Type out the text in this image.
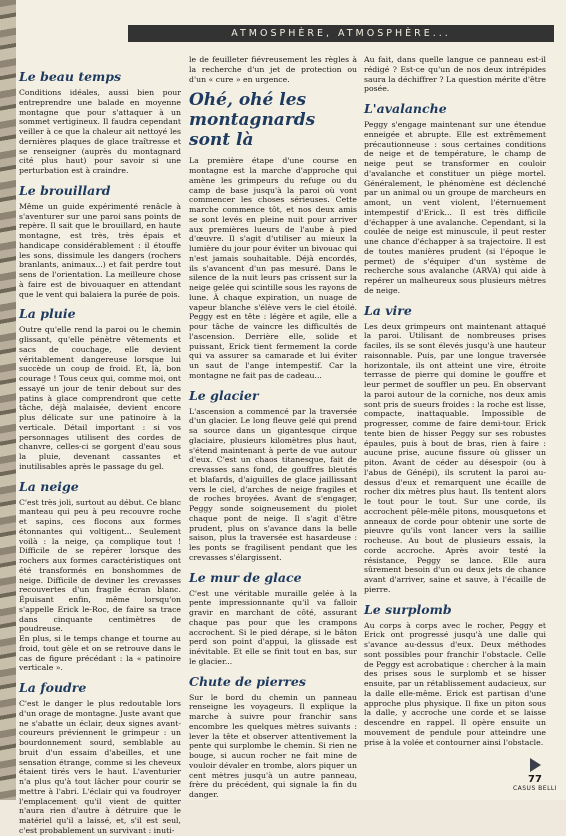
ATMOSPHÈRE, ATMOSPHÈRE...
Le beau temps

Conditions idéales, aussi bien pour entreprendre une balade en moyenne montagne que pour s'attaquer à un sommet vertigineux. Il faudra cependant veiller à ce que la chaleur ait nettoyé les dernières plaques de glace traîtresse et se renseigner (auprès du montagnard cité plus haut) pour savoir si une perturbation est à craindre.

Le brouillard

Même un guide expérimenté renâcle à s'aventurer sur une paroi sans points de repère. Il sait que le brouillard, en haute montagne, est très, très épais et handicape considérablement : il étouffe les sons, dissimule les dangers (rochers branlants, animaux...) et fait perdre tout sens de l'orientation. La meilleure chose à faire est de bivouaquer en attendant que le vent qui balaiera la purée de pois.

La pluie

Outre qu'elle rend la paroi ou le chemin glissant, qu'elle pénètre vêtements et sacs de couchage, elle devient véritablement dangereuse lorsque lui succède un coup de froid. Et, là, bon courage ! Tous ceux qui, comme moi, ont essayé un jour de tenir debout sur des patins à glace comprendront que cette tâche, déjà malaisée, devient encore plus délicate sur une patinoire à la verticale. Détail important : si vos personnages utilisent des cordes de chanvre, celles-ci se gorgent d'eau sous la pluie, devenant cassantes et inutilisables après le passage du gel.

La neige

C'est très joli, surtout au début. Ce blanc manteau qui peu à peu recouvre roche et sapins, ces flocons aux formes étonnantes qui voltigent... Seulement voilà : la neige, ça complique tout ! Difficile de se repérer lorsque des rochers aux formes caractéristiques ont été transformés en bonshommes de neige. Difficile de deviner les crevasses recouvertes d'un fragile écran blanc. Épuisant enfin, même lorsqu'on s'appelle Erick le-Roc, de faire sa trace dans cinquante centimètres de poudreuse.

En plus, si le temps change et tourne au froid, tout gèle et on se retrouve dans le cas de figure précédant : la « patinoire verticale ».

La foudre

C'est le danger le plus redoutable lors d'un orage de montagne. Juste avant que ne s'abatte un éclair, deux signes avant-coureurs préviennent le grimpeur : un bourdonnement sourd, semblable au bruit d'un essaim d'abeilles, et une sensation étrange, comme si les cheveux étaient tirés vers le haut. L'aventurier n'a plus qu'à tout lâcher pour courir se mettre à l'abri. L'éclair qui va foudroyer l'emplacement qu'il vient de quitter n'aura rien d'autre à détruire que le matériel qu'il a laissé, et, s'il est seul, c'est probablement un survivant : inuti-

le de feuilleter fiévreusement les règles à la recherche d'un jet de protection ou d'un « cure » en urgence.

Ohé, ohé les montagnards sont là

La première étape d'une course en montagne est la marche d'approche qui amène les grimpeurs du refuge ou du camp de base jusqu'à la paroi où vont commencer les choses sérieuses. Cette marche commence tôt, et nos deux amis se sont levés en pleine nuit pour arriver aux premières lueurs de l'aube à pied d'œuvre. Il s'agit d'utiliser au mieux la lumière du jour pour éviter un bivouac qui n'est jamais souhaitable. Déjà encordés, ils s'avancent d'un pas mesuré. Dans le silence de la nuit leurs pas crissent sur la neige gelée qui scintille sous les rayons de lune. À chaque expiration, un nuage de vapeur blanche s'élève vers le ciel étoilé. Peggy est en tête : légère et agile, elle a pour tâche de vaincre les difficultés de l'ascension. Derrière elle, solide et puissant, Erick tient fermement la corde qui va assurer sa camarade et lui éviter un saut de l'ange intempestif. Car la montagne ne fait pas de cadeau...

Le glacier

L'ascension a commencé par la traversée d'un glacier. Le long fleuve gelé qui prend sa source dans un gigantesque cirque glaciaire, plusieurs kilomètres plus haut, s'étend maintenant à perte de vue autour d'eux. C'est un chaos titanesque, fait de crevasses sans fond, de gouffres bleutés et blafards, d'aiguilles de glace jaillissant vers le ciel, d'arches de neige fragiles et de roches broyées. Avant de s'engager, Peggy sonde soigneusement du piolet chaque pont de neige. Il s'agit d'être prudent, plus on s'avance dans la belle saison, plus la traversée est hasardeuse : les ponts se fragilisent pendant que les crevasses s'élargissent.

Le mur de glace

C'est une véritable muraille gelée à la pente impressionnante qu'il va falloir gravir en marchant de côté, assurant chaque pas pour que les crampons accrochent. Si le pied dérape, si le bâton perd son point d'appui, la glissade est inévitable. Et elle se finit tout en bas, sur le glacier...

Chute de pierres

Sur le bord du chemin un panneau renseigne les voyageurs. Il explique la marche à suivre pour franchir sans encombre les quelques mètres suivants : lever la tête et observer attentivement la pente qui surplombe le chemin. Si rien ne bouge, si aucun rocher ne fait mine de vouloir dévaler en trombe, alors piquer un cent mètres jusqu'à un autre panneau, frère du précédent, qui signale la fin du danger.

Au fait, dans quelle langue ce panneau est-il rédigé ? Est-ce qu'un de nos deux intrépides saura la déchiffrer ? La question mérite d'être posée.

L'avalanche

Peggy s'engage maintenant sur une étendue enneigée et abrupte. Elle est extrêmement précautionneuse : sous certaines conditions de neige et de température, le champ de neige peut se transformer en couloir d'avalanche et constituer un piège mortel. Généralement, le phénomène est déclenché par un animal ou un groupe de marcheurs en amont, un vent violent, l'éternuement intempestif d'Erick... Il est très difficile d'échapper à une avalanche. Cependant, si la coulée de neige est minuscule, il peut rester une chance d'échapper à sa trajectoire. Il est de toutes manières prudent (si l'époque le permet) de s'équiper d'un système de recherche sous avalanche (ARVA) qui aide à repérer un malheureux sous plusieurs mètres de neige.

La vire

Les deux grimpeurs ont maintenant attaqué la paroi. Utilisant de nombreuses prises faciles, ils se sont élevés jusqu'à une hauteur raisonnable. Puis, par une longue traversée horizontale, ils ont atteint une vire, étroite terrasse de pierre qui domine le gouffre et leur permet de souffler un peu. En observant la paroi autour de la corniche, nos deux amis sont pris de sueurs froides : la roche est lisse, compacte, inattaquable. Impossible de progresser, comme de faire demi-tour. Erick tente bien de hisser Peggy sur ses robustes épaules, puis à bout de bras, rien à faire : aucune prise, aucune fissure où glisser un piton. Avant de céder au désespoir (ou à l'abus de Génépi), ils scrutent la paroi au-dessus d'eux et remarquent une écaille de rocher dix mètres plus haut. Ils tentent alors le tout pour le tout. Sur une corde, ils accrochent pêle-mêle pitons, mousquetons et anneaux de corde pour obtenir une sorte de pieuvre qu'ils vont lancer vers la saillie rocheuse. Au bout de plusieurs essais, la corde accroche. Après avoir testé la résistance, Peggy se lance. Elle aura sûrement besoin d'un ou deux jets de chance avant d'arriver, saine et sauve, à l'écaille de pierre.

Le surplomb

Au corps à corps avec le rocher, Peggy et Erick ont progressé jusqu'à une dalle qui s'avance au-dessus d'eux. Deux méthodes sont possibles pour franchir l'obstacle. Celle de Peggy est acrobatique : chercher à la main des prises sous le surplomb et se hisser ensuite, par un rétablissement audacieux, sur la dalle elle-même. Erick est partisan d'une approche plus physique. Il fixe un piton sous la dalle, y accroche une corde et se laisse descendre en rappel. Il opère ensuite un mouvement de pendule pour atteindre une prise à la volée et contourner ainsi l'obstacle.

77
CASUS BELLI
